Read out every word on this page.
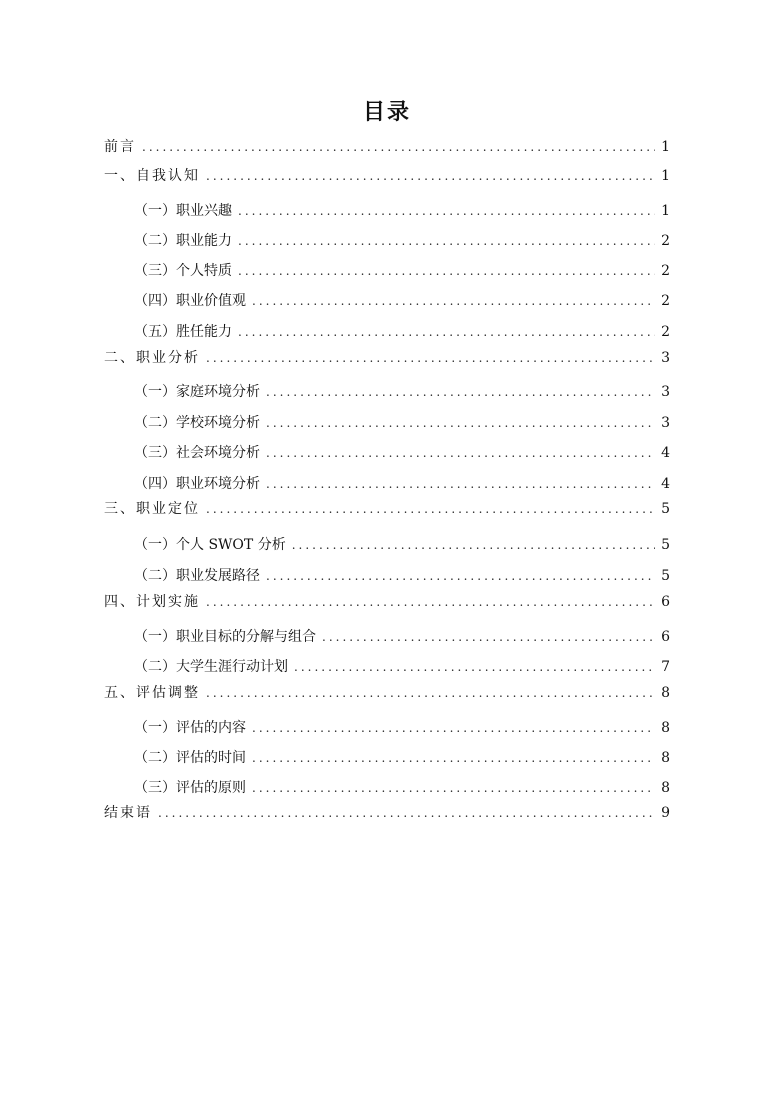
目录
前言 .....	1
一、自我认知 .....	1
（一）职业兴趣 .....	1
（二）职业能力 .....	2
（三）个人特质 .....	2
（四）职业价值观 .....	2
（五）胜任能力 .....	2
二、职业分析 .....	3
（一）家庭环境分析 .....	3
（二）学校环境分析 .....	3
（三）社会环境分析 .....	4
（四）职业环境分析 .....	4
三、职业定位 .....	5
（一）个人 SWOT 分析 .....	5
（二）职业发展路径 .....	5
四、计划实施 .....	6
（一）职业目标的分解与组合 .....	6
（二）大学生涯行动计划 .....	7
五、评估调整 .....	8
（一）评估的内容 .....	8
（二）评估的时间 .....	8
（三）评估的原则 .....	8
结束语 .....	9
